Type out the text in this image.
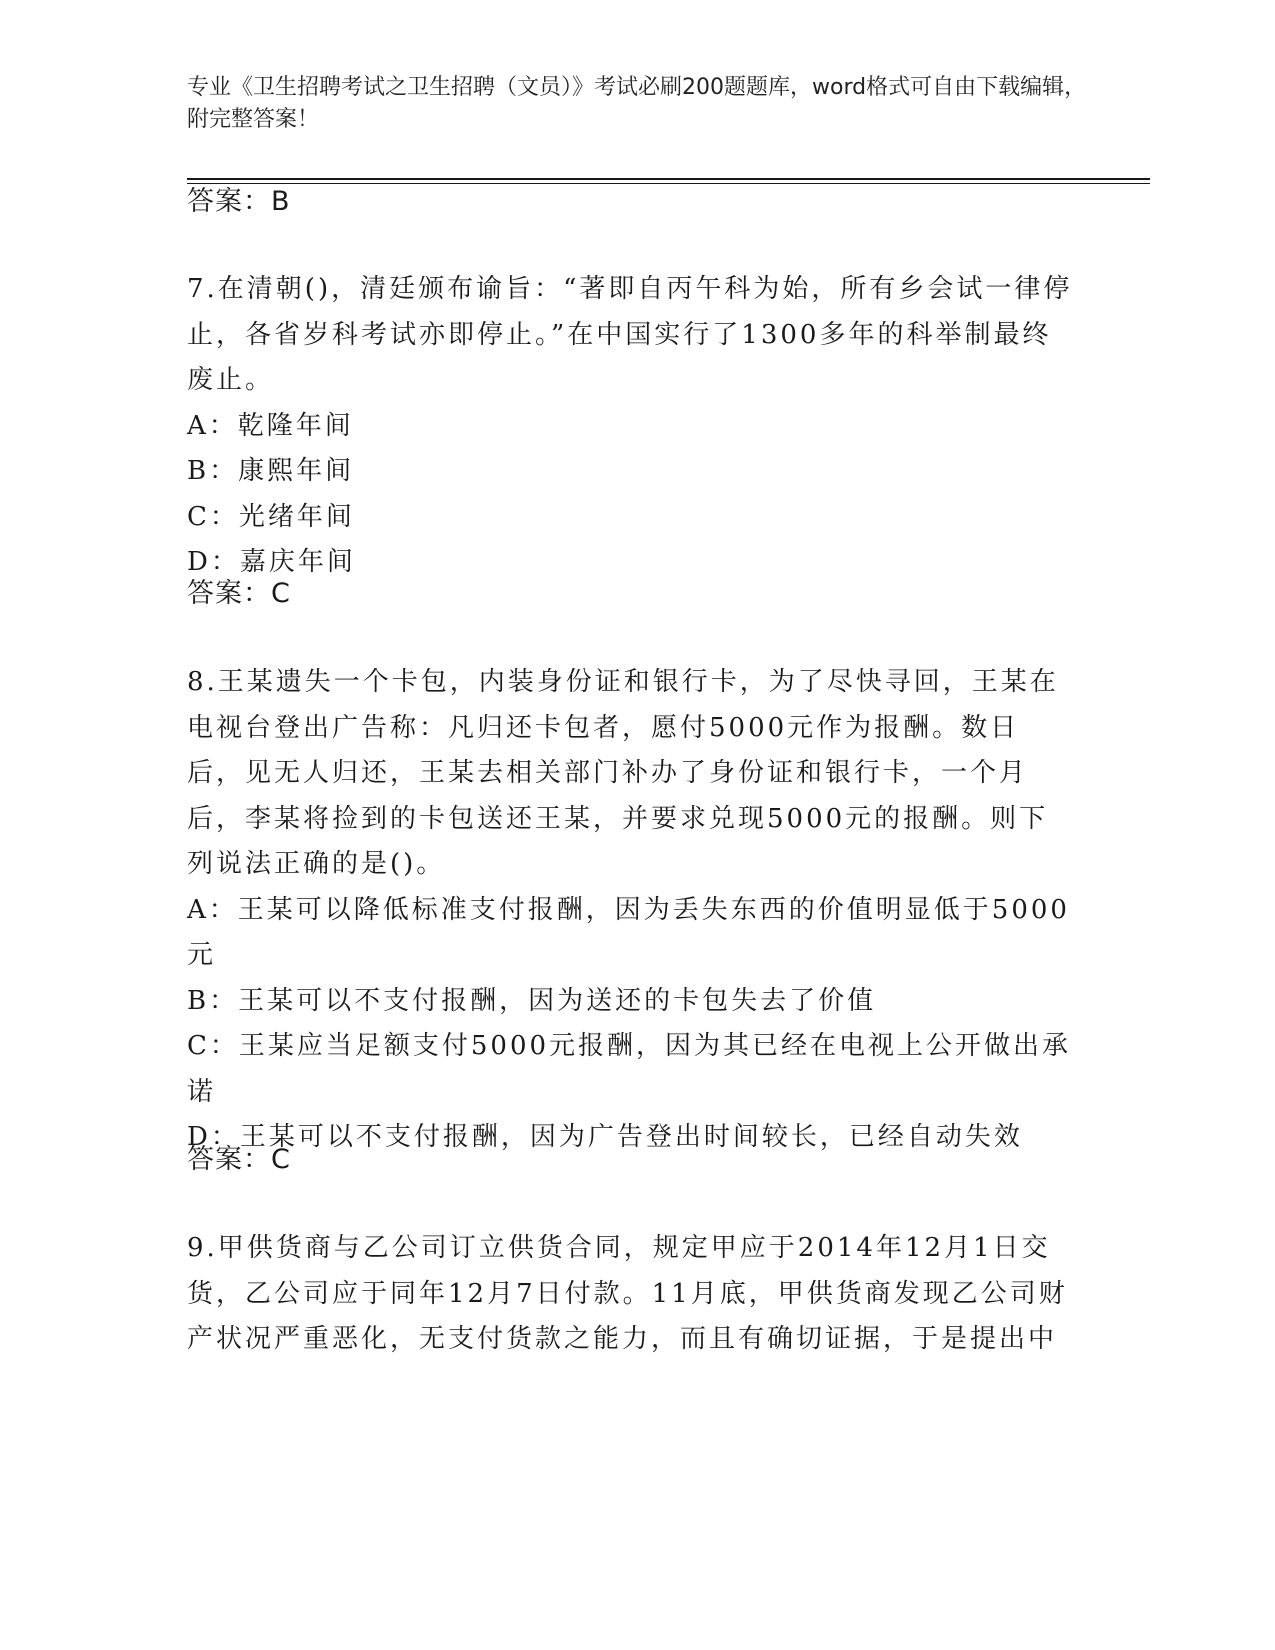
专业《卫生招聘考试之卫生招聘（文员）》考试必刷200题题库，word格式可自由下载编辑，附完整答案！
答案：B

7.在清朝()，清廷颁布谕旨：“著即自丙午科为始，所有乡会试一律停止，各省岁科考试亦即停止。”在中国实行了1300多年的科举制最终废止。

A：乾隆年间

B：康熙年间

C：光绪年间

D：嘉庆年间

答案：C

8.王某遗失一个卡包，内装身份证和银行卡，为了尽快寻回，王某在电视台登出广告称：凡归还卡包者，愿付5000元作为报酬。数日后，见无人归还，王某去相关部门补办了身份证和银行卡，一个月后，李某将捡到的卡包送还王某，并要求兑现5000元的报酬。则下列说法正确的是()。

A：王某可以降低标准支付报酬，因为丢失东西的价值明显低于5000元

B：王某可以不支付报酬，因为送还的卡包失去了价值

C：王某应当足额支付5000元报酬，因为其已经在电视上公开做出承诺

D：王某可以不支付报酬，因为广告登出时间较长，已经自动失效

答案：C

9.甲供货商与乙公司订立供货合同，规定甲应于2014年12月1日交货，乙公司应于同年12月7日付款。11月底，甲供货商发现乙公司财产状况严重恶化，无支付货款之能力，而且有确切证据，于是提出中
